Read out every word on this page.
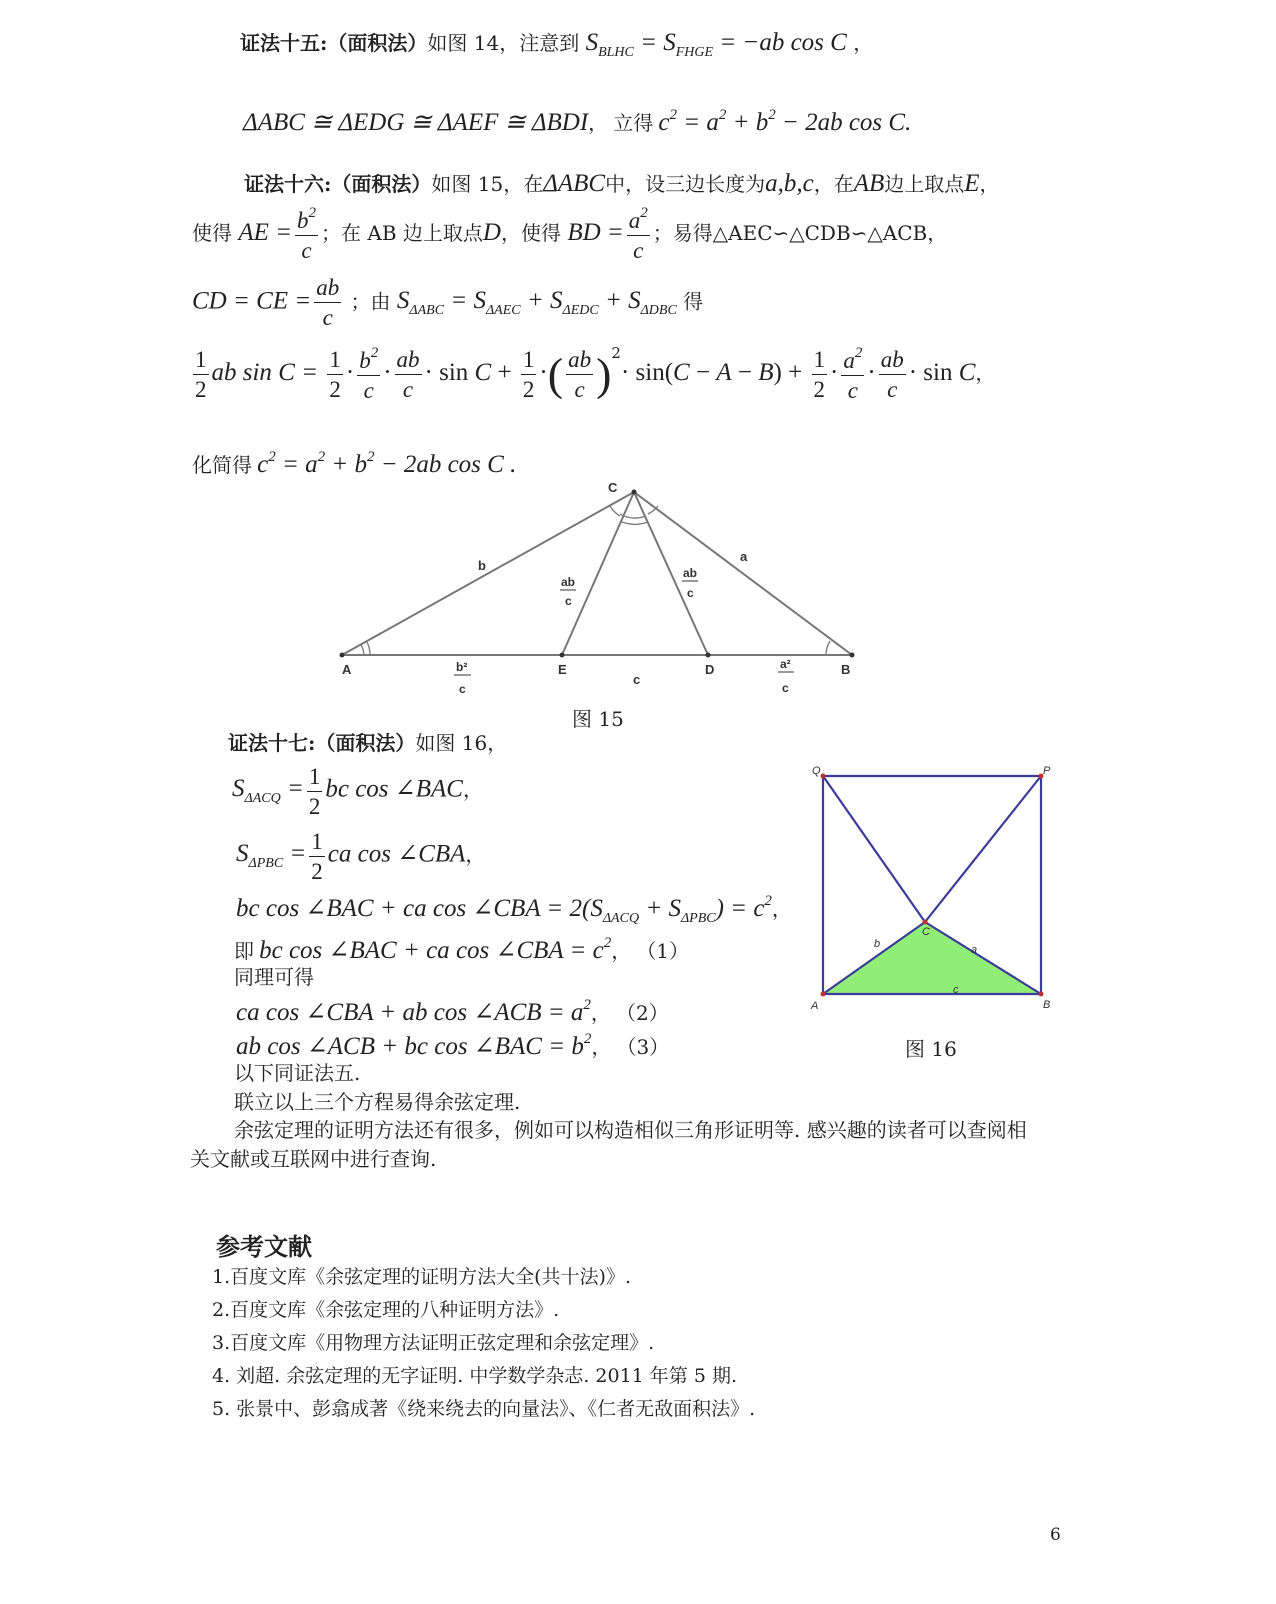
证法十五:（面积法）如图 14，注意到 $S_{BLHC} = S_{FHGE} = -ab$ cos C ，
ΔABC ≅ ΔEDG ≅ ΔAEF ≅ ΔBDI， 立得 $c^2 = a^2 + b^2 - 2ab$ cos C.
证法十六:（面积法）如图 15，在ΔABC中，设三边长度为a,b,c，在AB边上取点E，
使得 AE = $\frac{b^2}{c}$ ；在 AB 边上取点D，使得 BD = $\frac{a^2}{c}$ ；易得△AEC∽△CDB∽△ACB，
CD = CE = $\frac{ab}{c}$ ；由 $S_{\Delta ABC} = S_{\Delta AEC} + S_{\Delta EDC} + S_{\Delta DBC}$ 得
$\frac{1}{2}$ ab $\sin C = \frac{1}{2} \cdot \frac{b^2}{c} \cdot \frac{ab}{c} \cdot \sin C + \frac{1}{2}$ ·( $\frac{ab}{c} )^2\cdot \sin(C - A - B) + \frac{1}{2} \cdot \frac{a^2}{c} \cdot \frac{ab}{c} \cdot \sin C$，
化简得 $c^2 = a^2 + b^2 - 2ab$ cos C .
C
A	B
E	D
b
a
c
ab
c
ab
c
b²
c
a²
c
图 15
证法十七:（面积法）如图 16，
$S_{\Delta ACQ} = \frac{1}{2}$ bc cos ∠BAC，
$S_{\Delta PBC} = \frac{1}{2}$ ca cos ∠CBA，
bc cos ∠BAC + ca cos ∠CBA = $2(S_{\Delta ACQ} + S_{\Delta PBC}) = c^2$，
即 bc cos ∠BAC + ca cos ∠CBA = $c^2$， （1）
同理可得
ca cos ∠CBA + ab cos ∠ACB = $a^2$， （2）
ab cos ∠ACB + bc cos ∠BAC = $b^2$， （3）
以下同证法五.
联立以上三个方程易得余弦定理.
余弦定理的证明方法还有很多，例如可以构造相似三角形证明等. 感兴趣的读者可以查阅相
关文献或互联网中进行查询.
Q	P
C
A	B
b	a
c
图 16
参考文献
1.百度文库《余弦定理的证明方法大全(共十法)》.
2.百度文库《余弦定理的八种证明方法》.
3.百度文库《用物理方法证明正弦定理和余弦定理》.
4. 刘超. 余弦定理的无字证明. 中学数学杂志. 2011 年第 5 期.
5. 张景中、彭翕成著《绕来绕去的向量法》、《仁者无敌面积法》.
6
